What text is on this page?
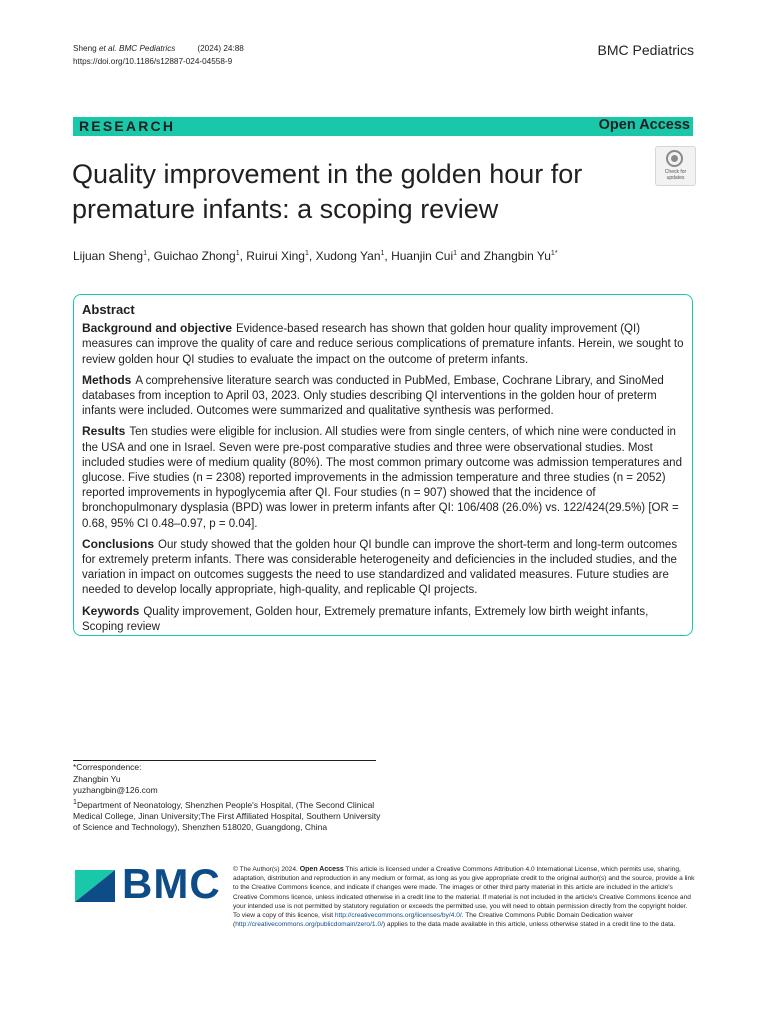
Sheng et al. BMC Pediatrics	(2024) 24:88
https://doi.org/10.1186/s12887-024-04558-9
BMC Pediatrics
RESEARCH	Open Access
Quality improvement in the golden hour for premature infants: a scoping review
Check for
updates
Lijuan Sheng$^1$, Guichao Zhong$^1$, Ruirui Xing$^1$, Xudong Yan$^1$, Huanjin Cui$^1$ and Zhangbin $Yu^{1*}$
Abstract

Background and objective Evidence-based research has shown that golden hour quality improvement (QI) measures can improve the quality of care and reduce serious complications of premature infants. Herein, we sought to review golden hour QI studies to evaluate the impact on the outcome of preterm infants.

Methods A comprehensive literature search was conducted in PubMed, Embase, Cochrane Library, and SinoMed databases from inception to April 03, 2023. Only studies describing QI interventions in the golden hour of preterm infants were included. Outcomes were summarized and qualitative synthesis was performed.

Results Ten studies were eligible for inclusion. All studies were from single centers, of which nine were conducted in the USA and one in Israel. Seven were pre-post comparative studies and three were observational studies. Most included studies were of medium quality (80%). The most common primary outcome was admission temperatures and glucose. Five studies (n = 2308) reported improvements in the admission temperature and three studies (n = 2052) reported improvements in hypoglycemia after QI. Four studies (n = 907) showed that the incidence of bronchopulmonary dysplasia (BPD) was lower in preterm infants after QI: 106/408 (26.0%) vs. 122/424(29.5%) [OR = 0.68, 95% CI 0.48–0.97, p = 0.04].

Conclusions Our study showed that the golden hour QI bundle can improve the short-term and long-term outcomes for extremely preterm infants. There was considerable heterogeneity and deficiencies in the included studies, and the variation in impact on outcomes suggests the need to use standardized and validated measures. Future studies are needed to develop locally appropriate, high-quality, and replicable QI projects.

Keywords Quality improvement, Golden hour, Extremely premature infants, Extremely low birth weight infants, Scoping review

*Correspondence:
Zhangbin Yu
yuzhangbin@126.com
$^1$Department of Neonatology, Shenzhen People's Hospital, (The Second Clinical Medical College, Jinan University;The First Affiliated Hospital, Southern University of Science and Technology), Shenzhen 518020, Guangdong, China
BMC © The Author(s) 2024. Open Access This article is licensed under a Creative Commons Attribution 4.0 International License, which permits use, sharing, adaptation, distribution and reproduction in any medium or format, as long as you give appropriate credit to the original author(s) and the source, provide a link to the Creative Commons licence, and indicate if changes were made. The images or other third party material in this article are included in the article's Creative Commons licence, unless indicated otherwise in a credit line to the material. If material is not included in the article's Creative Commons licence and your intended use is not permitted by statutory regulation or exceeds the permitted use, you will need to obtain permission directly from the copyright holder. To view a copy of this licence, visit http://creativecommons.org/licenses/by/4.0/. The Creative Commons Public Domain Dedication waiver (http://creativecommons.org/publicdomain/zero/1.0/) applies to the data made available in this article, unless otherwise stated in a credit line to the data.
